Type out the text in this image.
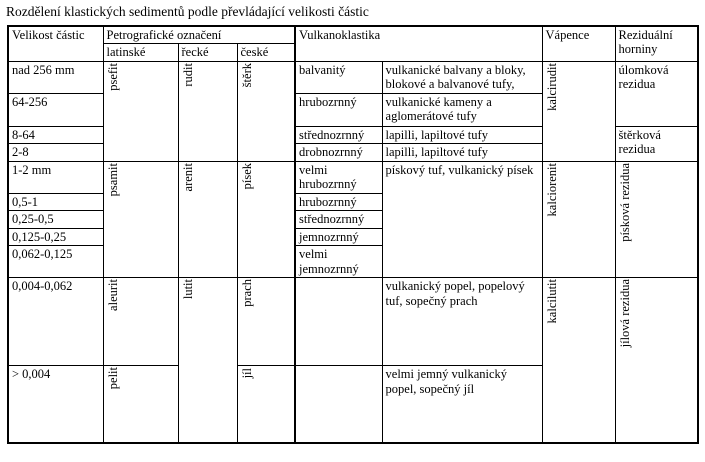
Rozdělení klastických sedimentů podle převládající velikosti částic
Velikost částic	Petrografické označení			Vulkanoklastika		Vápence	Reziduální horniny
	latinské	řecké	české				
nad 256 mm	psefit	rudit	štěrk	balvanitý	vulkanické balvany a bloky, blokové a balvanové tufy,	kalcirudit	úlomková rezidua
64-256				hrubozrnný	vulkanické kameny a aglomerátové tufy		
8-64				střednozrnný	lapilli, lapiltové tufy		štěrková rezidua
2-8				drobnozrnný	lapilli, lapiltové tufy		
1-2 mm	psamit	arenit	písek	velmi hrubozrnný	pískový tuf, vulkanický písek	kalciorenit	písková rezidua
0,5-1				hrubozrnný			
0,25-0,5				střednozrnný			
0,125-0,25				jemnozrnný			
0,062-0,125				velmi jemnozrnný			
0,004-0,062	aleurit	lutit	prach		vulkanický popel, popelový tuf, sopečný prach	kalcilutit	jílová rezidua
> 0,004	pelit		jíl		velmi jemný vulkanický popel, sopečný jíl		
